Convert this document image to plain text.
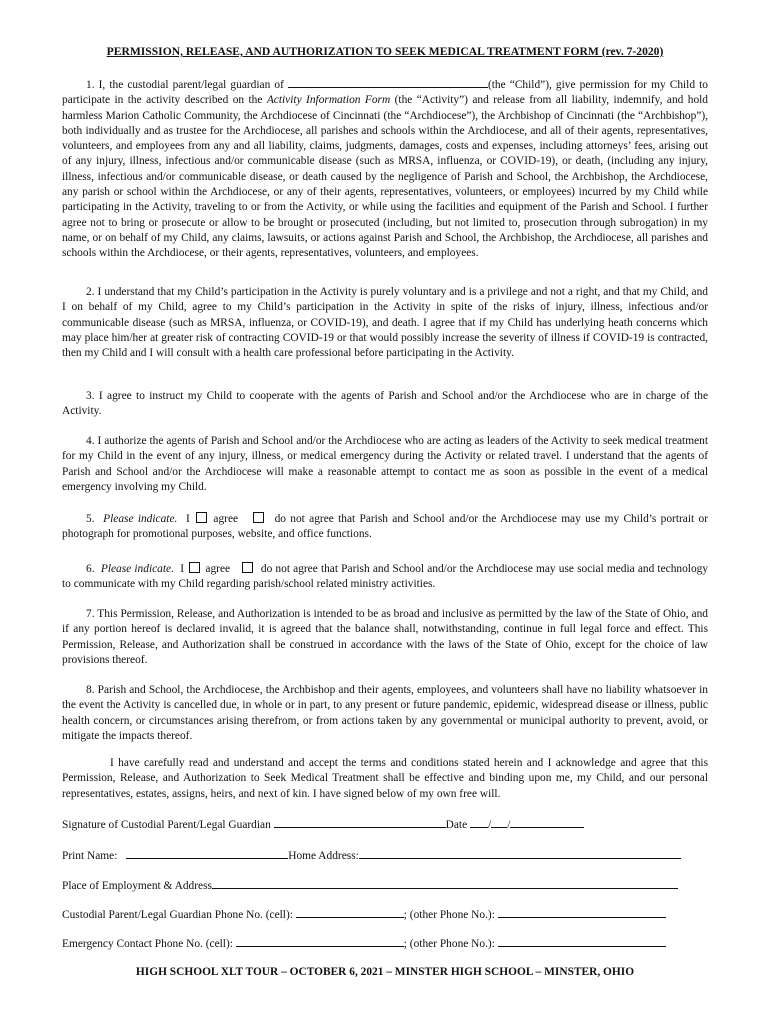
PERMISSION, RELEASE, AND AUTHORIZATION TO SEEK MEDICAL TREATMENT FORM (rev. 7-2020)
1. I, the custodial parent/legal guardian of	(the “Child”), give permission for my Child to participate in the activity described on the Activity Information Form (the “Activity”) and release from all liability, indemnify, and hold harmless Marion Catholic Community, the Archdiocese of Cincinnati (the “Archdiocese”), the Archbishop of Cincinnati (the “Archbishop”), both individually and as trustee for the Archdiocese, all parishes and schools within the Archdiocese, and all of their agents, representatives, volunteers, and employees from any and all liability, claims, judgments, damages, costs and expenses, including attorneys’ fees, arising out of any injury, illness, infectious and/or communicable disease (such as MRSA, influenza, or COVID-19), or death, (including any injury, illness, infectious and/or communicable disease, or death caused by the negligence of Parish and School, the Archbishop, the Archdiocese, any parish or school within the Archdiocese, or any of their agents, representatives, volunteers, or employees) incurred by my Child while participating in the Activity, traveling to or from the Activity, or while using the facilities and equipment of the Parish and School. I further agree not to bring or prosecute or allow to be brought or prosecuted (including, but not limited to, prosecution through subrogation) in my name, or on behalf of my Child, any claims, lawsuits, or actions against Parish and School, the Archbishop, the Archdiocese, all parishes and schools within the Archdiocese, or their agents, representatives, volunteers, and employees.
2. I understand that my Child’s participation in the Activity is purely voluntary and is a privilege and not a right, and that my Child, and I on behalf of my Child, agree to my Child’s participation in the Activity in spite of the risks of injury, illness, infectious and/or communicable disease (such as MRSA, influenza, or COVID-19), and death. I agree that if my Child has underlying heath concerns which may place him/her at greater risk of contracting COVID-19 or that would possibly increase the severity of illness if COVID-19 is contracted, then my Child and I will consult with a health care professional before participating in the Activity.
3. I agree to instruct my Child to cooperate with the agents of Parish and School and/or the Archdiocese who are in charge of the Activity.
4. I authorize the agents of Parish and School and/or the Archdiocese who are acting as leaders of the Activity to seek medical treatment for my Child in the event of any injury, illness, or medical emergency during the Activity or related travel. I understand that the agents of Parish and School and/or the Archdiocese will make a reasonable attempt to contact me as soon as possible in the event of a medical emergency involving my Child.
5. Please indicate. I agree	do not agree that Parish and School and/or the Archdiocese may use my Child’s portrait or photograph for promotional purposes, website, and office functions.
6. Please indicate. I agree	do not agree that Parish and School and/or the Archdiocese may use social media and technology to communicate with my Child regarding parish/school related ministry activities.
7. This Permission, Release, and Authorization is intended to be as broad and inclusive as permitted by the law of the State of Ohio, and if any portion hereof is declared invalid, it is agreed that the balance shall, notwithstanding, continue in full legal force and effect. This Permission, Release, and Authorization shall be construed in accordance with the laws of the State of Ohio, except for the choice of law provisions thereof.
8. Parish and School, the Archdiocese, the Archbishop and their agents, employees, and volunteers shall have no liability whatsoever in the event the Activity is cancelled due, in whole or in part, to any present or future pandemic, epidemic, widespread disease or illness, public health concern, or circumstances arising therefrom, or from actions taken by any governmental or municipal authority to prevent, avoid, or mitigate the impacts thereof.
I have carefully read and understand and accept the terms and conditions stated herein and I acknowledge and agree that this Permission, Release, and Authorization to Seek Medical Treatment shall be effective and binding upon me, my Child, and our personal representatives, estates, assigns, heirs, and next of kin. I have signed below of my own free will.
Signature of Custodial Parent/Legal Guardian	Date / /
Print Name:	Home Address:
Place of Employment & Address
Custodial Parent/Legal Guardian Phone No. (cell):	; (other Phone No.):
Emergency Contact Phone No. (cell):	; (other Phone No.):
HIGH SCHOOL XLT TOUR – OCTOBER 6, 2021 – MINSTER HIGH SCHOOL – MINSTER, OHIO
